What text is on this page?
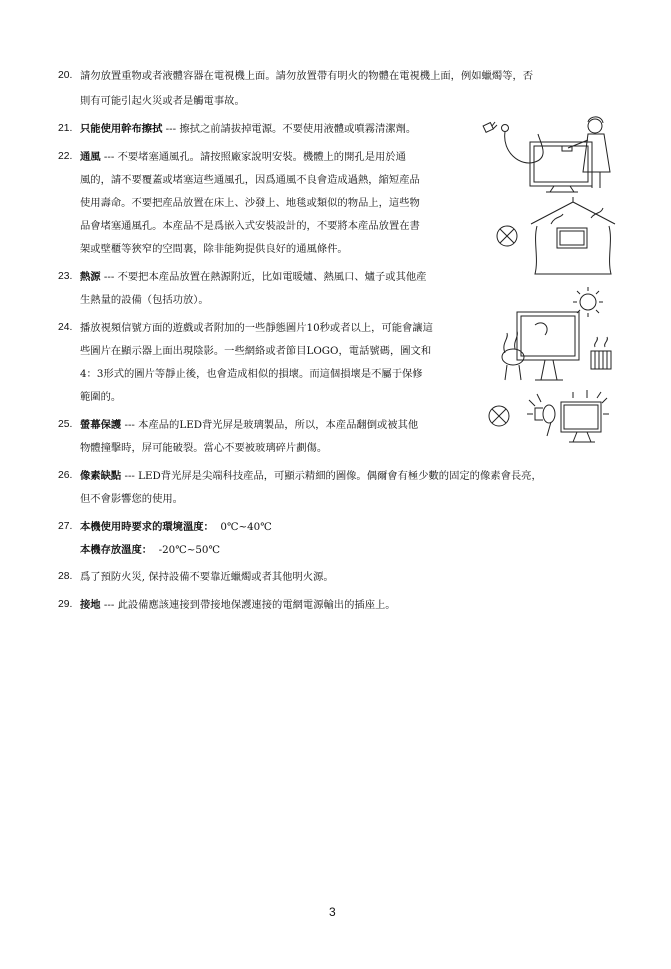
20. 請勿放置重物或者液體容器在電視機上面。請勿放置帶有明火的物體在電視機上面，例如蠟燭等，否
則有可能引起火災或者是觸電事故。
21. 只能使用幹布擦拭 --- 擦拭之前請拔掉電源。不要使用液體或噴霧清潔劑。
22. 通風 --- 不要堵塞通風孔。請按照廠家說明安裝。機體上的開孔是用於通
風的，請不要覆蓋或堵塞這些通風孔，因爲通風不良會造成過熱，縮短産品
使用壽命。不要把産品放置在床上、沙發上、地毯或類似的物品上，這些物
品會堵塞通風孔。本産品不是爲嵌入式安裝設計的，不要將本産品放置在書
架或壁櫃等狹窄的空間裏，除非能夠提供良好的通風條件。
23. 熱源 --- 不要把本産品放置在熱源附近，比如電暖爐、熱風口、爐子或其他産
生熱量的設備（包括功放）。
24. 播放視頻信號方面的遊戲或者附加的一些靜態圖片10秒或者以上，可能會讓這
些圖片在顯示器上面出現陰影。一些網絡或者節目LOGO，電話號碼，圖文和
4：3形式的圖片等靜止後，也會造成相似的損壞。而這個損壞是不屬于保修
範圍的。
25. 螢幕保護 --- 本産品的LED背光屏是玻璃製品，所以，本産品翻倒或被其他
物體撞擊時，屏可能破裂。當心不要被玻璃碎片劃傷。
26. 像素缺點 --- LED背光屏是尖端科技産品，可顯示精細的圖像。偶爾會有極少數的固定的像素會長亮，
但不會影響您的使用。
27. 本機使用時要求的環境溫度： 0℃~40℃
本機存放溫度： -20℃~50℃
28. 爲了預防火災, 保持設備不要靠近蠟燭或者其他明火源。
29. 接地 --- 此設備應該連接到帶接地保護連接的電網電源輸出的插座上。
3
